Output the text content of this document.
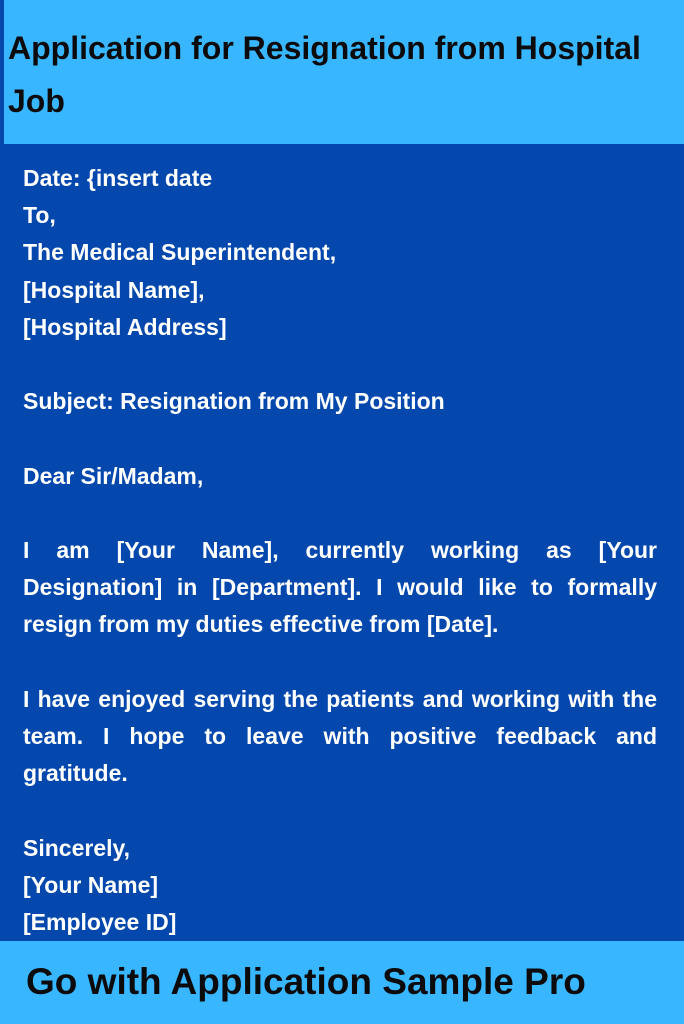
Application for Resignation from Hospital Job
Date: {insert date
To,
The Medical Superintendent,
[Hospital Name],
[Hospital Address]
Subject: Resignation from My Position
Dear Sir/Madam,

I am [Your Name], currently working as [Your Designation] in [Department]. I would like to formally resign from my duties effective from [Date].

I have enjoyed serving the patients and working with the team. I hope to leave with positive feedback and gratitude.

Sincerely,
[Your Name]
[Employee ID]

Go with Application Sample Pro
